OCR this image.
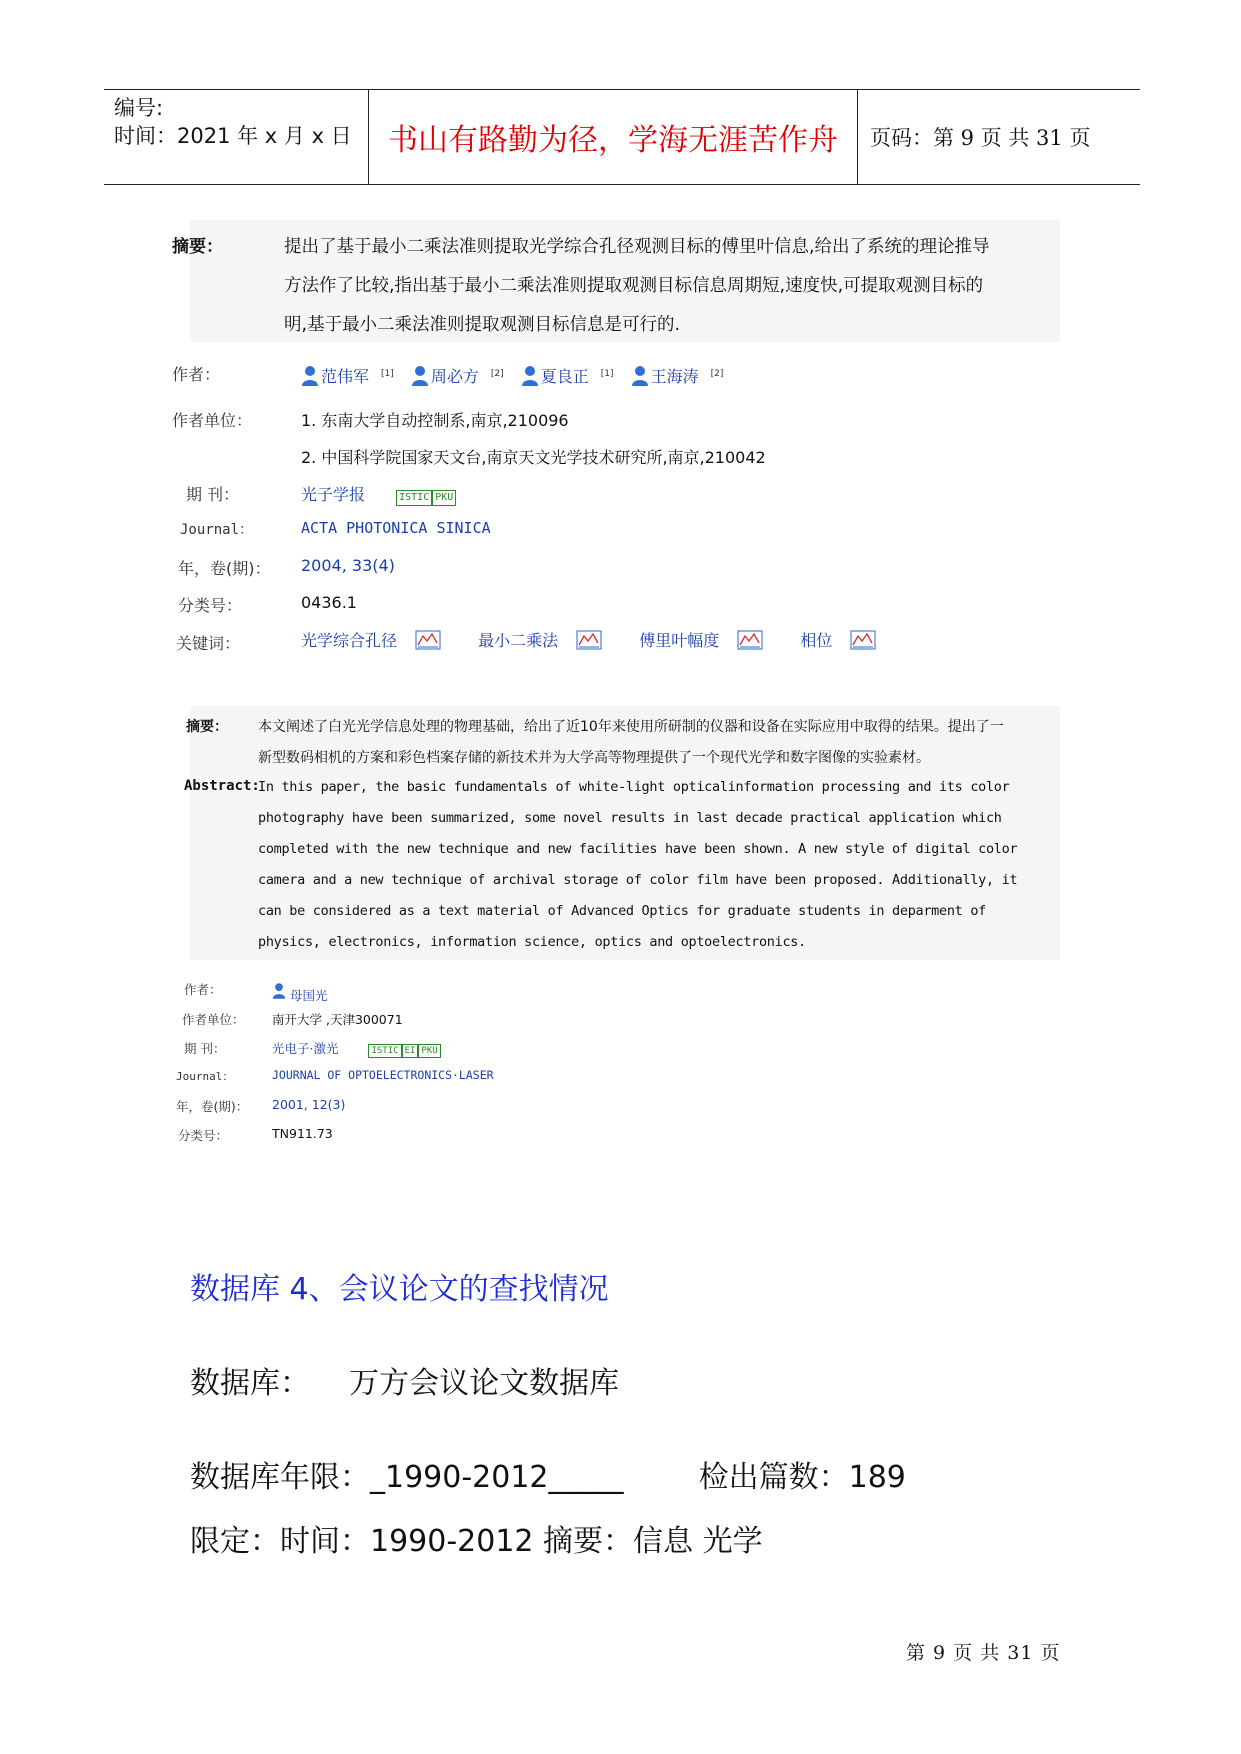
编号:
时间：2021 年 x 月 x 日	书山有路勤为径，学海无涯苦作舟	页码：第 9 页 共 31 页
摘要：	提出了基于最小二乘法准则提取光学综合孔径观测目标的傅里叶信息,给出了系统的理论推导
方法作了比较,指出基于最小二乘法准则提取观测目标信息周期短,速度快,可提取观测目标的
明,基于最小二乘法准则提取观测目标信息是可行的.
作者：	范伟军 [1]
周必方 [2]
夏良正 [1]
王海涛 [2]
作者单位：	1. 东南大学自动控制系,南京,210096
2. 中国科学院国家天文台,南京天文光学技术研究所,南京,210042
期 刊：	光子学报	ISTIC PKU
Journal：	ACTA PHOTONICA SINICA
年，卷(期)： 2004, 33(4)
分类号：	0436.1
关键词：	光学综合孔径
	最小二乘法
	傅里叶幅度
	相位
摘要： 本文阐述了白光光学信息处理的物理基础，给出了近10年来使用所研制的仪器和设备在实际应用中取得的结果。提出了一
新型数码相机的方案和彩色档案存储的新技术并为大学高等物理提供了一个现代光学和数字图像的实验素材。
Abstract:
In this paper, the basic fundamentals of white-light opticalinformation processing and its color
photography have been summarized, some novel results in last decade practical application which
completed with the new technique and new facilities have been shown. A new style of digital color
camera and a new technique of archival storage of color film have been proposed. Additionally, it
can be considered as a text material of Advanced Optics for graduate students in deparment of
physics, electronics, information science, optics and optoelectronics.
作者：	母国光
作者单位： 南开大学 ,天津300071
期 刊：	光电子·激光	ISTIC EI PKU
Journal：	JOURNAL OF OPTOELECTRONICS·LASER
年，卷(期)： 2001, 12(3)
分类号：	TN911.73
数据库 4、会议论文的查找情况
数据库： 万方会议论文数据库
数据库年限：_1990-2012_____	检出篇数：189
限定：时间：1990-2012 摘要：信息 光学
第 9 页 共 31 页
